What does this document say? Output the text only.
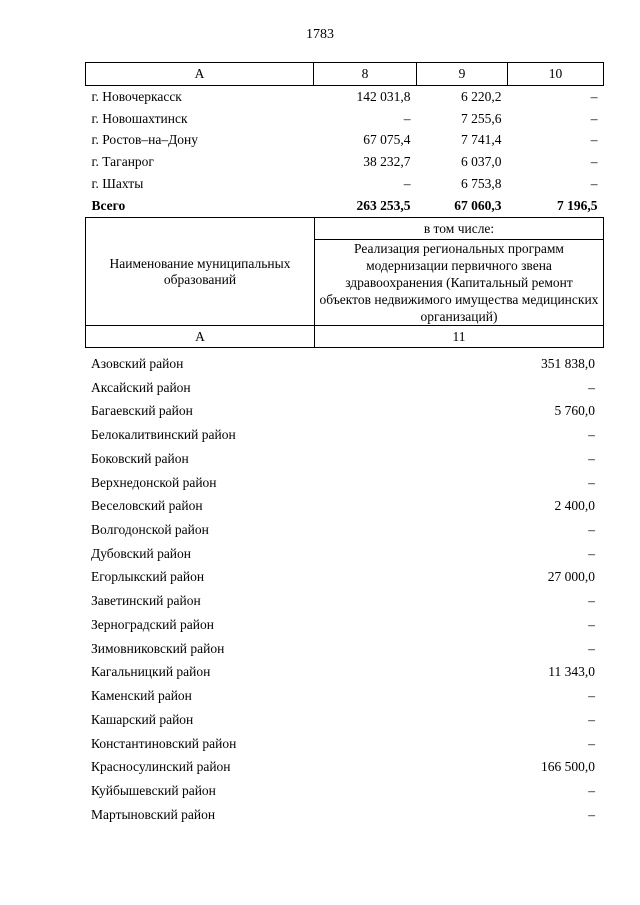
1783
А	8	9	10
г. Новочеркасск	142 031,8	6 220,2	–
г. Новошахтинск	–	7 255,6	–
г. Ростов–на–Дону	67 075,4	7 741,4	–
г. Таганрог	38 232,7	6 037,0	–
г. Шахты	–	6 753,8	–
Всего	263 253,5	67 060,3	7 196,5
Наименование муниципальных образований	в том числе:
	Реализация региональных программ модернизации первичного звена здравоохранения (Капитальный ремонт объектов недвижимого имущества медицинских организаций)
А	11
Азовский район	351 838,0
Аксайский район	–
Багаевский район	5 760,0
Белокалитвинский район	–
Боковский район	–
Верхнедонской район	–
Веселовский район	2 400,0
Волгодонской район	–
Дубовский район	–
Егорлыкский район	27 000,0
Заветинский район	–
Зерноградский район	–
Зимовниковский район	–
Кагальницкий район	11 343,0
Каменский район	–
Кашарский район	–
Константиновский район	–
Красносулинский район	166 500,0
Куйбышевский район	–
Мартыновский район	–
